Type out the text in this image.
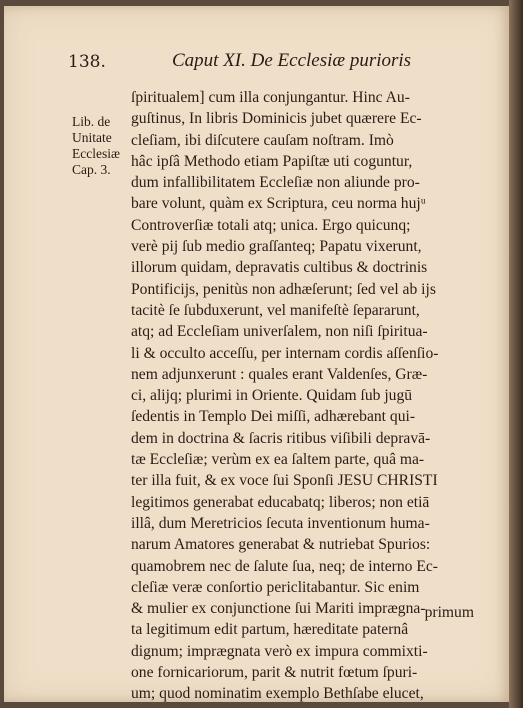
138.	Caput XI. De Ecclesiæ purioris
Lib. de
Unitate
Ecclesiæ
Cap. 3.
ſpiritualem] cum illa conjungantur. Hinc Au-
guſtinus, In libris Dominicis jubet quærere Ec-
cleſiam, ibi diſcutere cauſam noſtram. Imò
hâc ipſâ Methodo etiam Papiſtæ uti coguntur,
dum infallibilitatem Eccleſiæ non aliunde pro-
bare volunt, quàm ex Scriptura, ceu norma hujᵘ
Controverſiæ totali atq; unica. Ergo quicunq;
verè pij ſub medio graſſanteq; Papatu vixerunt,
illorum quidam, depravatis cultibus & doctrinis
Pontificijs, penitùs non adhæſerunt; ſed vel ab ijs
tacitè ſe ſubduxerunt, vel manifeſtè ſepararunt,
atq; ad Eccleſiam univerſalem, non niſi ſpiritua-
li & occulto acceſſu, per internam cordis aſſenſio-
nem adjunxerunt : quales erant Valdenſes, Græ-
ci, alijq; plurimi in Oriente. Quidam ſub jugū
ſedentis in Templo Dei miſſi, adhærebant qui-
dem in doctrina & ſacris ritibus viſibili depravā-
tæ Eccleſiæ; verùm ex ea ſaltem parte, quâ ma-
ter illa fuit, & ex voce ſui Sponſi JESU CHRISTI
legitimos generabat educabatq; liberos; non etiā
illâ, dum Meretricios ſecuta inventionum huma-
narum Amatores generabat & nutriebat Spurios:
quamobrem nec de ſalute ſua, neq; de interno Ec-
cleſiæ veræ conſortio periclitabantur. Sic enim
& mulier ex conjunctione ſui Mariti imprægna-
ta legitimum edit partum, hæreditate paternâ
dignum; imprægnata verò ex impura commixti-
one fornicariorum, parit & nutrit fœtum ſpuri-
um; quod nominatim exemplo Bethſabe elucet,
primum
